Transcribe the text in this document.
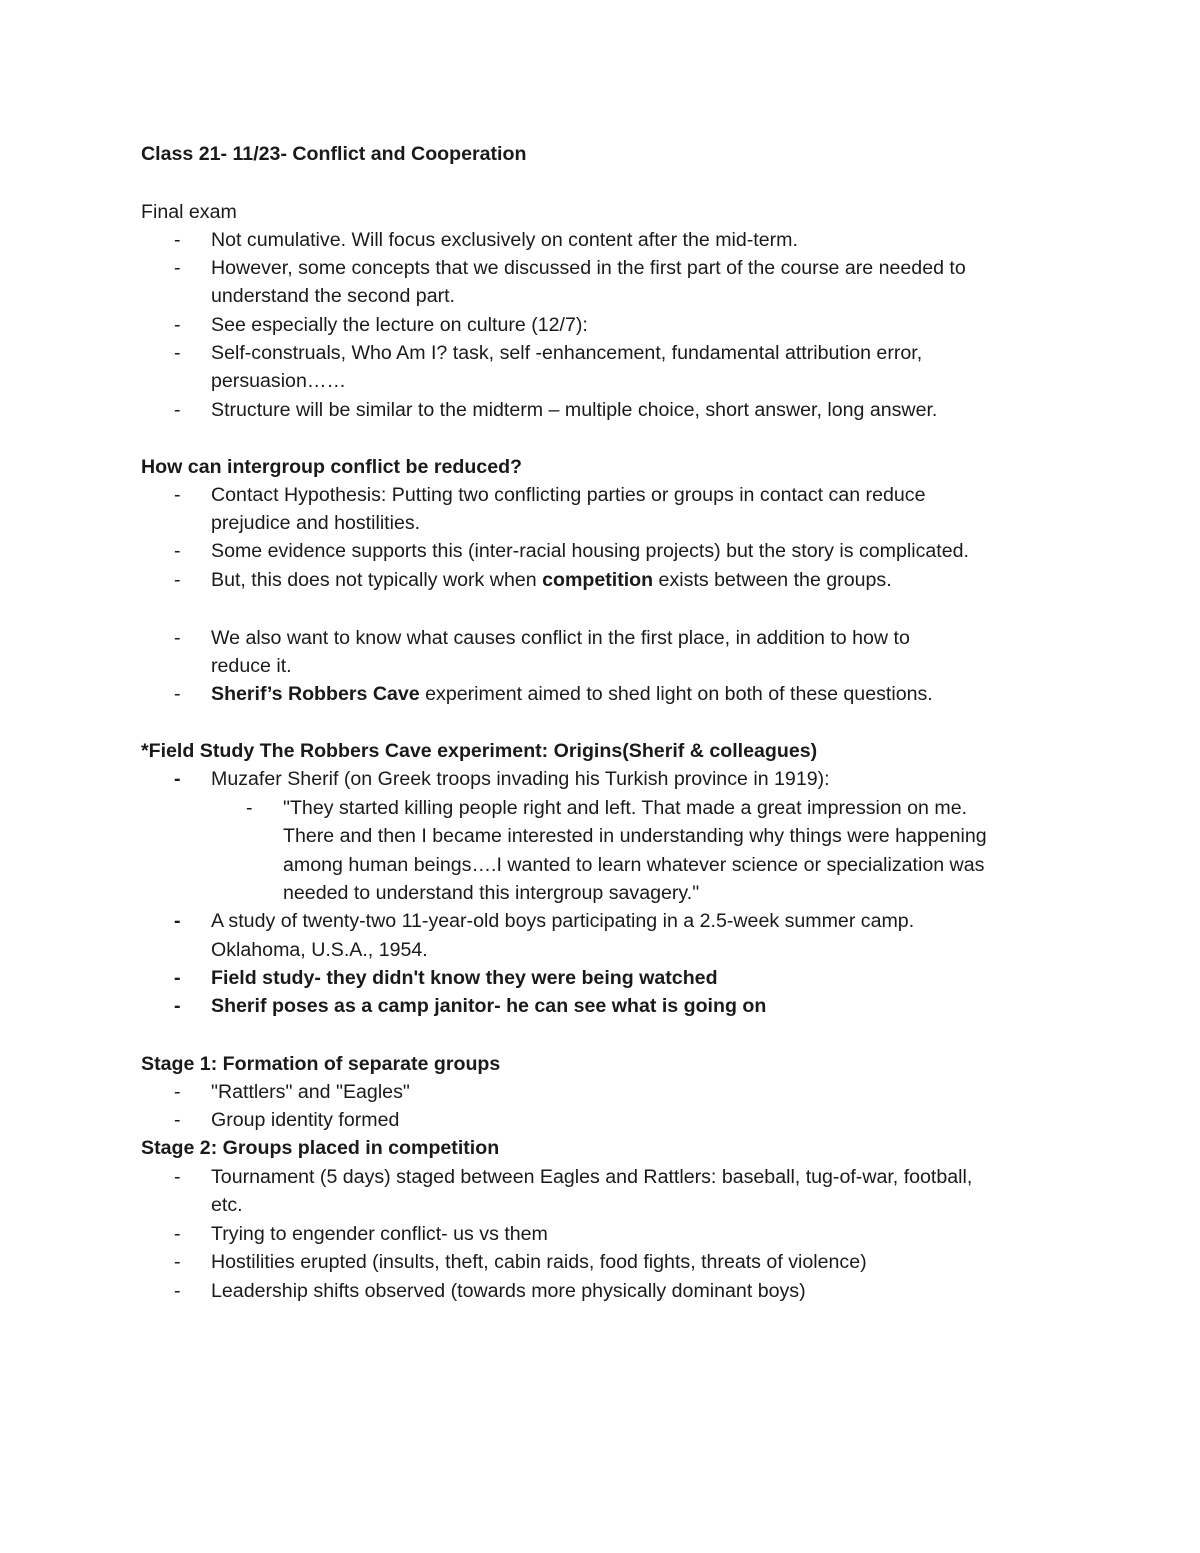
Class 21- 11/23- Conflict and Cooperation
Final exam
- Not cumulative. Will focus exclusively on content after the mid-term.
- However, some concepts that we discussed in the first part of the course are needed to
understand the second part.
- See especially the lecture on culture (12/7):
- Self-construals, Who Am I? task, self -enhancement, fundamental attribution error,
persuasion……
- Structure will be similar to the midterm – multiple choice, short answer, long answer.
How can intergroup conflict be reduced?
- Contact Hypothesis: Putting two conflicting parties or groups in contact can reduce
prejudice and hostilities.
- Some evidence supports this (inter-racial housing projects) but the story is complicated.
- But, this does not typically work when competition exists between the groups.
- We also want to know what causes conflict in the first place, in addition to how to
reduce it.
- Sherif’s Robbers Cave experiment aimed to shed light on both of these questions.
*Field Study The Robbers Cave experiment: Origins(Sherif & colleagues)
- Muzafer Sherif (on Greek troops invading his Turkish province in 1919):
- "They started killing people right and left. That made a great impression on me.
There and then I became interested in understanding why things were happening
among human beings….I wanted to learn whatever science or specialization was
needed to understand this intergroup savagery."
- A study of twenty-two 11-year-old boys participating in a 2.5-week summer camp.
Oklahoma, U.S.A., 1954.
- Field study- they didn't know they were being watched
- Sherif poses as a camp janitor- he can see what is going on
Stage 1: Formation of separate groups
- "Rattlers" and "Eagles"
- Group identity formed
Stage 2: Groups placed in competition
- Tournament (5 days) staged between Eagles and Rattlers: baseball, tug-of-war, football,
etc.
- Trying to engender conflict- us vs them
- Hostilities erupted (insults, theft, cabin raids, food fights, threats of violence)
- Leadership shifts observed (towards more physically dominant boys)
